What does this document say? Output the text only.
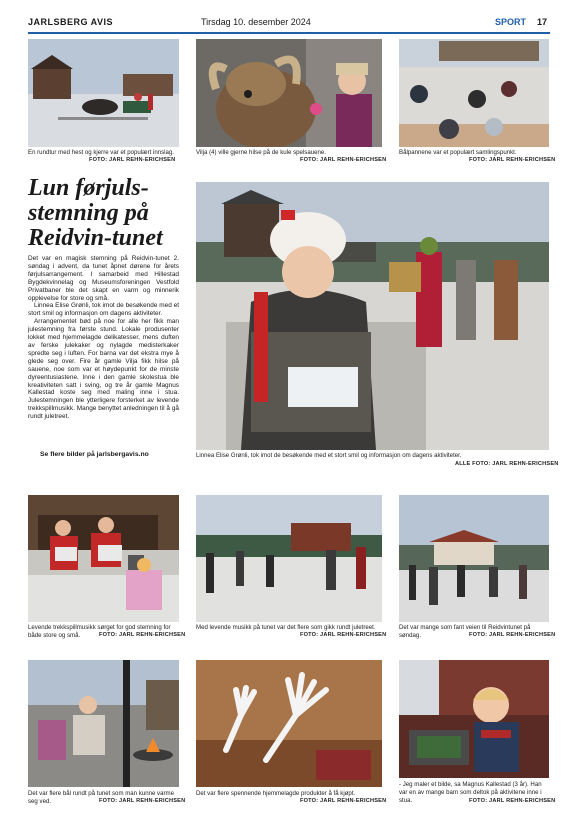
JARLSBERG AVIS	Tirsdag 10. desember 2024	SPORT 17
En rundtur med hest og kjerre var et populært innslag.
FOTO: JARL REHN-ERICHSEN
Vilja (4) ville gjerne hilse på de kule spelsauene.
FOTO: JARL REHN-ERICHSEN
Bålpannene var et populært samlingspunkt.
FOTO: JARL REHN-ERICHSEN
Lun førjuls-stemning på Reidvin-tunet

Det var en magisk stemning på Reidvin-tunet 2. søndag i advent, da tunet åpnet dørene for årets førjulsarrangement. I samarbeid med Hillestad Bygdekvinnelag og Museumsforeningen Vestfold Privatbaner ble det skapt en varm og minnerik opplevelse for store og små.

Linnea Elise Grønli, tok imot de besøkende med et stort smil og informasjon om dagens aktiviteter.

Arrangementet bød på noe for alle her fikk man julestemning fra første stund. Lokale produsenter lokket med hjemmelagde delikatesser, mens duften av ferske julekaker og nylagde medisterkaker spredte seg i luften. For barna var det ekstra mye å glede seg over. Fire år gamle Vilja fikk hilse på sauene, noe som var et høydepunkt for de minste dyreentusiastene. Inne i den gamle skolestua ble kreativiteten satt i sving, og tre år gamle Magnus Kallestad koste seg med maling inne i stua. Julestemningen ble ytterligere forsterket av levende trekkspillmusikk. Mange benyttet anledningen til å gå rundt juletreet.

Se flere bilder på jarlsbergavis.no	Linnea Elise Grønli, tok imot de besøkende med et stort smil og informasjon om dagens aktiviteter.
ALLE FOTO: JARL REHN-ERICHSEN
Levende trekkspillmusikk sørget for god stemning for både store og små.	FOTO: JARL REHN-ERICHSEN
Med levende musikk på tunet var det flere som gikk rundt juletreet.
FOTO: JARL REHN-ERICHSEN
Det var mange som fant veien til Reidvintunet på søndag.	FOTO: JARL REHN-ERICHSEN
Det var flere bål rundt på tunet som man kunne varme seg ved.	FOTO: JARL REHN-ERICHSEN
Det var flere spennende hjemmelagde produkter å få kjøpt.
FOTO: JARL REHN-ERICHSEN
- Jeg maler et bilde, sa Magnus Kallestad (3 år). Han var en av mange barn som deltok på aktivitene inne i stua.	FOTO: JARL REHN-ERICHSEN
